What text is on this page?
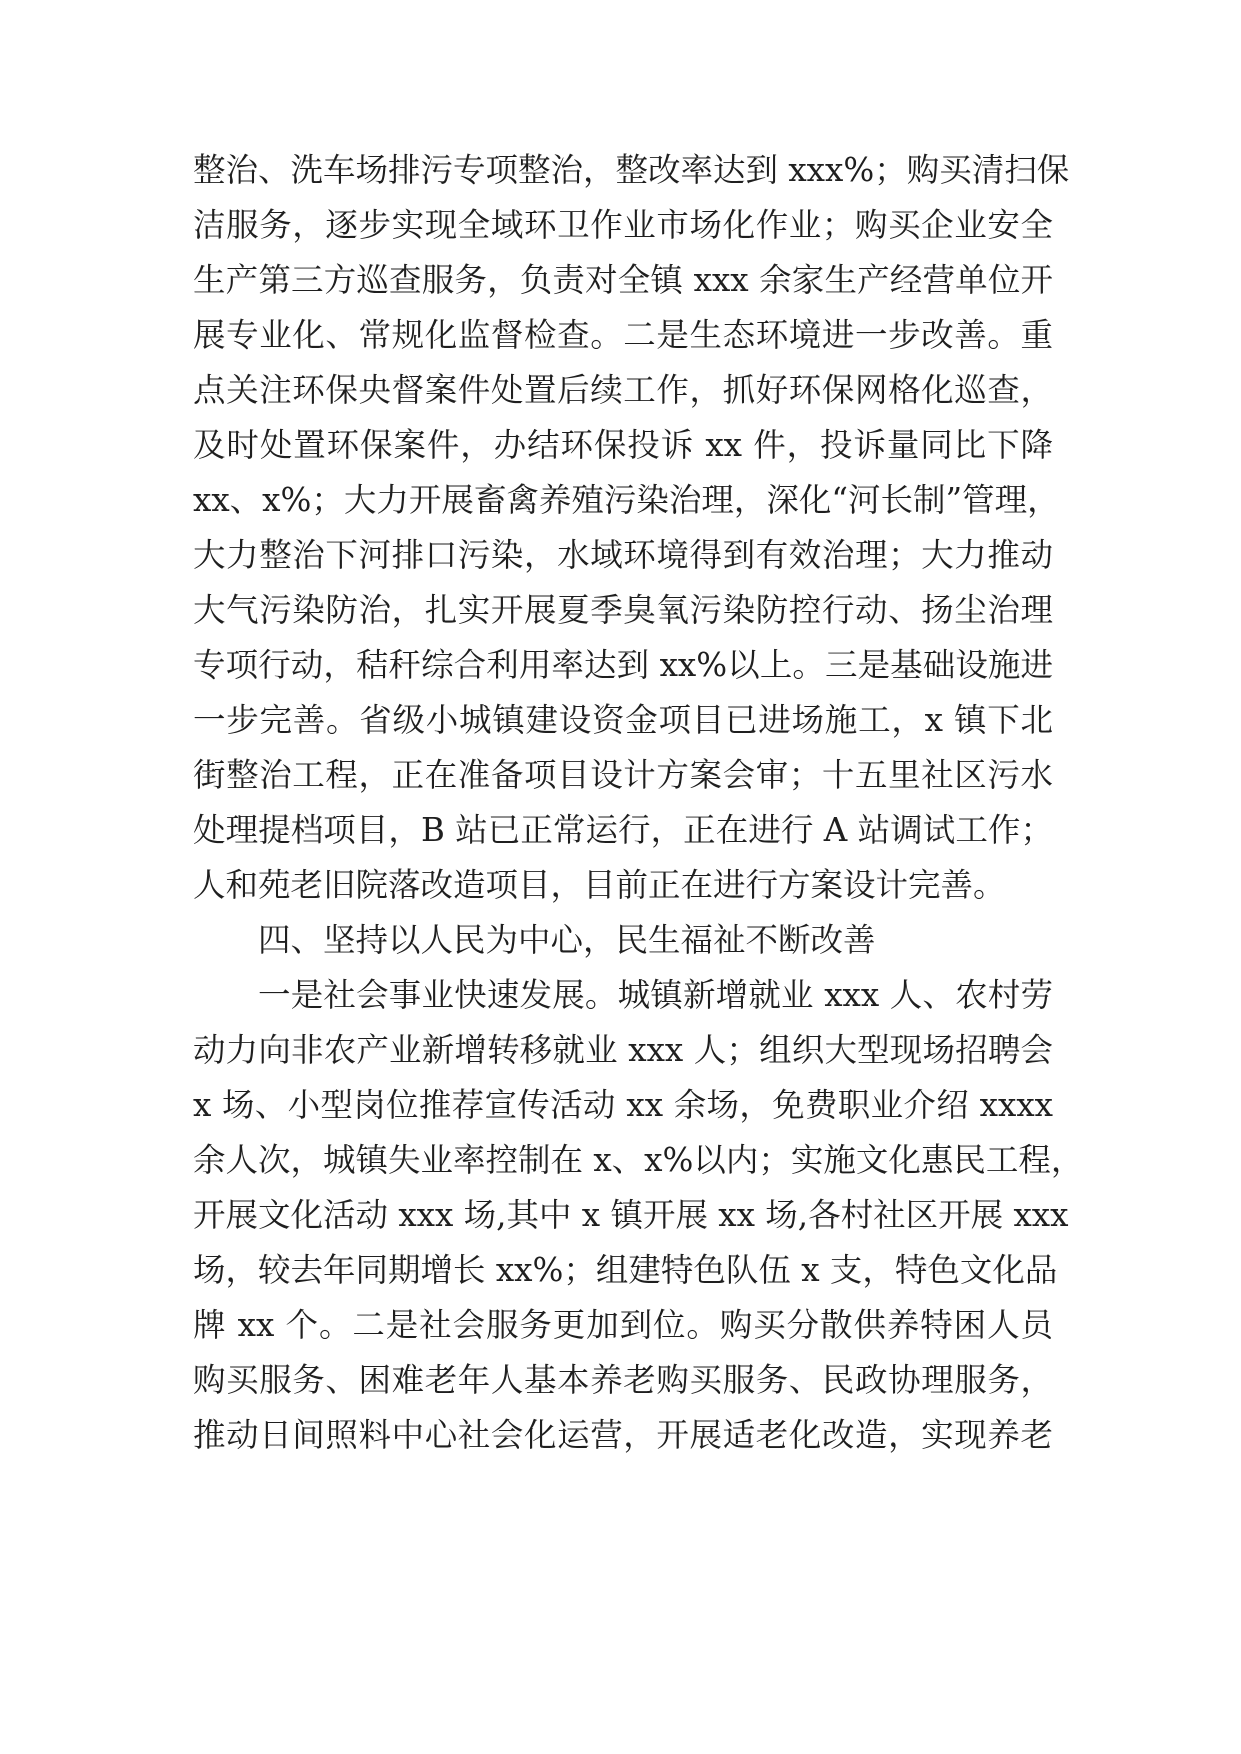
整治、洗车场排污专项整治，整改率达到 xxx%；购买清扫保
洁服务，逐步实现全域环卫作业市场化作业；购买企业安全
生产第三方巡查服务，负责对全镇 xxx 余家生产经营单位开
展专业化、常规化监督检查。二是生态环境进一步改善。重
点关注环保央督案件处置后续工作，抓好环保网格化巡查，
及时处置环保案件，办结环保投诉 xx 件，投诉量同比下降
xx、x%；大力开展畜禽养殖污染治理，深化“河长制”管理，
大力整治下河排口污染，水域环境得到有效治理；大力推动
大气污染防治，扎实开展夏季臭氧污染防控行动、扬尘治理
专项行动，秸秆综合利用率达到 xx%以上。三是基础设施进
一步完善。省级小城镇建设资金项目已进场施工，x 镇下北
街整治工程，正在准备项目设计方案会审；十五里社区污水
处理提档项目，B 站已正常运行，正在进行 A 站调试工作；
人和苑老旧院落改造项目，目前正在进行方案设计完善。
四、坚持以人民为中心，民生福祉不断改善
一是社会事业快速发展。城镇新增就业 xxx 人、农村劳
动力向非农产业新增转移就业 xxx 人；组织大型现场招聘会
x 场、小型岗位推荐宣传活动 xx 余场，免费职业介绍 xxxx
余人次，城镇失业率控制在 x、x%以内；实施文化惠民工程，
开展文化活动 xxx 场,其中 x 镇开展 xx 场,各村社区开展 xxx
场，较去年同期增长 xx%；组建特色队伍 x 支，特色文化品
牌 xx 个。二是社会服务更加到位。购买分散供养特困人员
购买服务、困难老年人基本养老购买服务、民政协理服务，
推动日间照料中心社会化运营，开展适老化改造，实现养老
